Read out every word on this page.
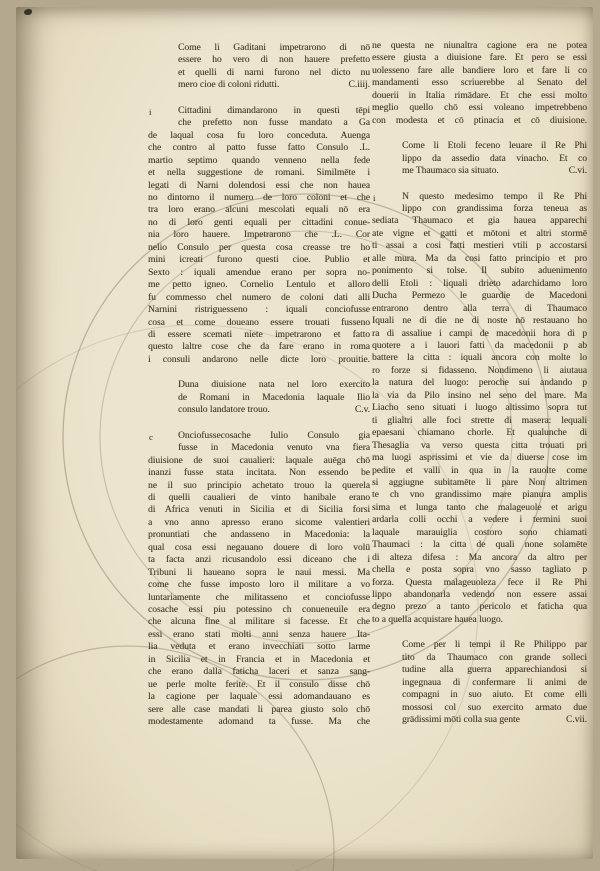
Come li Gaditani impetrarono di nō
essere ho vero di non hauere prefetto
et quelli di narni furono nel dicto nu
mero cioe di coloni ridutti.	C.iiij.
i	Cittadini dimandarono in questi tēpi
che prefetto non fusse mandato a Ga
de laqual cosa fu loro conceduta. Auenga
che contro al patto fusse fatto Consulo .L.
martio septimo quando venneno nella fede
et nella suggestione de romani. Similmēte i
legati di Narni dolendosi essi che non hauea
no dintorno il numero de loro coloni et che
tra loro erano alcuni mescolati equali nō era
no di loro genti equali per cittadini conue-
nia loro hauere. Impetrarono che .L. Cor
nelio Consulo per questa cosa creasse tre ho
mini icreati furono questi cioe. Publio et
Sexto : iquali amendue erano per sopra no-
me petto igneo. Cornelio Lentulo et alloro
fu commesso chel numero de coloni dati alli
Narnini ristriguesseno : iquali conciofusse
cosa et come doueano essere trouati fusseno
di essere scemati niete impetrarono et fatto
questo laltre cose che da fare erano in roma
i consuli andarono nelle dicte loro prouitie.
Duna diuisione nata nel loro exercito
de Romani in Macedonia laquale Ilio
consulo landatore trouo.	C.v.
c	Onciofussecosache Iulio Consulo gia
fusse in Macedonia venuto vna fiera
diuisione de suoi caualieri: laquale auēga chō
inanzi fusse stata incitata. Non essendo be
ne il suo principio achetato trouo la querela
di quelli caualieri de vinto hanibale erano
di Africa venuti in Sicilia et di Sicilia forsi
a vno anno apresso erano sicome valentieri
pronuntiati che andasseno in Macedonia: la
qual cosa essi negauano douere di loro volū
ta facta anzi ricusandolo essi diceano che i
Tribuni li haueano sopra le naui messi. Ma
come che fusse imposto loro il militare a vo
luntariamente che militasseno et conciofusse
cosache essi piu potessino ch conueneuile era
che alcuna fine al militare si facesse. Et che
essi erano stati molti anni senza hauere Ita-
lia veduta et erano invecchiati sotto larme
in Sicilia et in Francia et in Macedonia et
che erano dalla faticha laceri et sanza sang-
ue perle molte ferite. Et il consulo disse chō
la cagione per laquale essi adomandauano es
sere alle case mandati li parea giusto solo chō
modestamente adomand ta fusse. Ma che
ne questa ne niunaltra cagione era ne potea
essere giusta a diuisione fare. Et pero se essi
uolesseno fare alle bandiere loro et fare li co
mandamenti esso scriuerebbe al Senato del
douerii in Italia rimādare. Et che essi molto
meglio quello chō essi voleano impetrebbeno
con modesta et cō ptinacia et cō diuisione.
Come li Etoli feceno leuare il Re Phi
lippo da assedio data vinacho. Et co
me Thaumaco sia situato.	C.vi.
i	N questo medesimo tempo il Re Phi
lippo con grandissima forza teneua as
sediata Thaumaco et gia hauea apparechi
ate vigne et gatti et mōtoni et altri stormē
ti assai a cosi fatti mestieri vtili p accostarsi
alle mura. Ma da cosi fatto principio et pro
ponimento si tolse. Il subito aduenimento
delli Etoli : liquali drieto adarchidamo loro
Ducha Permezo le guardie de Macedoni
entrarono dentro alla terra di Thaumaco
Iquali ne di die ne di noste nō restauano ho
ra di assaliue i campi de macedonii hora di p
quotere a i lauori fatti da macedonii p ab
battere la citta : iquali ancora con molte lo
ro forze si fidasseno. Nondimeno li aiutaua
la natura del luogo: peroche sui andando p
la via da Pilo insino nel seno del mare. Ma
Liacho seno situati i luogo altissimo sopra tut
ti glialtri alle foci strette di masera: lequali
epaesani chiamano chorle. Et qualunche di
Thesaglia va verso questa citta trouati pri
ma luogi asprissimi et vie da diuerse cose im
pedite et valli in qua in la rauolte come
si aggiugne subitamēte li pare Non altrimen
te ch vno grandissimo mare pianura amplis
sima et lunga tanto che malageuole et arigu
ardarla colli occhi a vedere i termini suoi
laquale marauiglia costoro sono chiamati
Thaumaci : la citta de quali none solamēte
di alteza difesa : Ma ancora da altro per
chella e posta sopra vno sasso tagliato p
forza. Questa malageuoleza fece il Re Phi
lippo abandonarla vedendo non essere assai
degno prezo a tanto pericolo et faticha qua
to a quella acquistare hauea luogo.
Come per li tempi il Re Philippo par
tito da Thaumaco con grande solleci
tudine alla guerra apparechiandosi si
ingegnaua di confermare li animi de
compagni in suo aiuto. Et come elli
mossosi col suo exercito armato due
grādissimi mōti colla sua gente	C.vii.
